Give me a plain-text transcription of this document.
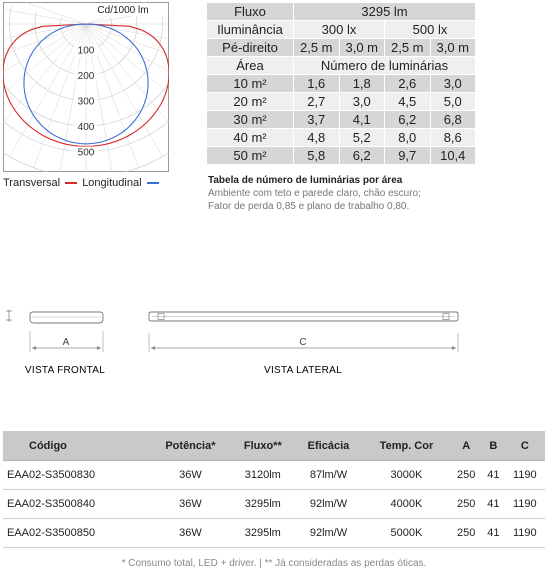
100
200
300
400
500
Cd/1000 lm
Transversal Longitudinal
Fluxo	3295 lm			
Iluminância	300 lx		500 lx	
Pé-direito	2,5 m	3,0 m	2,5 m	3,0 m
Área	Número de luminárias			
10 m²	1,6	1,8	2,6	3,0
20 m²	2,7	3,0	4,5	5,0
30 m²	3,7	4,1	6,2	6,8
40 m²	4,8	5,2	8,0	8,6
50 m²	5,8	6,2	9,7	10,4
Tabela de número de luminárias por área
Ambiente com teto e parede claro, chão escuro;
Fator de perda 0,85 e plano de trabalho 0,80.
A
VISTA FRONTAL
C
VISTA LATERAL
Código	Potência*	Fluxo**	Eficácia	Temp. Cor	A	B	C
EAA02-S3500830	36W	3120lm	87lm/W	3000K	250	41	1190
EAA02-S3500840	36W	3295lm	92lm/W	4000K	250	41	1190
EAA02-S3500850	36W	3295lm	92lm/W	5000K	250	41	1190
* Consumo total, LED + driver. | ** Já consideradas as perdas óticas.
